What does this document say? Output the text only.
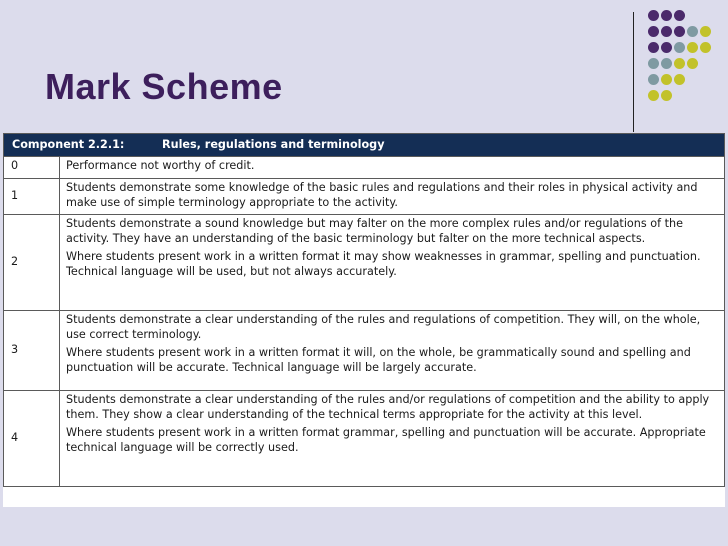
Mark Scheme
Component 2.2.1: Rules, regulations and terminology	

0	Performance not worthy of credit.

1	Students demonstrate some knowledge of the basic rules and regulations and their roles in physical activity and make use of simple terminology appropriate to the activity.

2	Students demonstrate a sound knowledge but may falter on the more complex rules and/or regulations of the activity. They have an understanding of the basic terminology but falter on the more technical aspects.
Where students present work in a written format it may show weaknesses in grammar, spelling and punctuation. Technical language will be used, but not always accurately.

3	Students demonstrate a clear understanding of the rules and regulations of competition. They will, on the whole, use correct terminology.
Where students present work in a written format it will, on the whole, be grammatically sound and spelling and punctuation will be accurate. Technical language will be largely accurate.

4	Students demonstrate a clear understanding of the rules and/or regulations of competition and the ability to apply them. They show a clear understanding of the technical terms appropriate for the activity at this level.
Where students present work in a written format grammar, spelling and punctuation will be accurate. Appropriate technical language will be correctly used.
